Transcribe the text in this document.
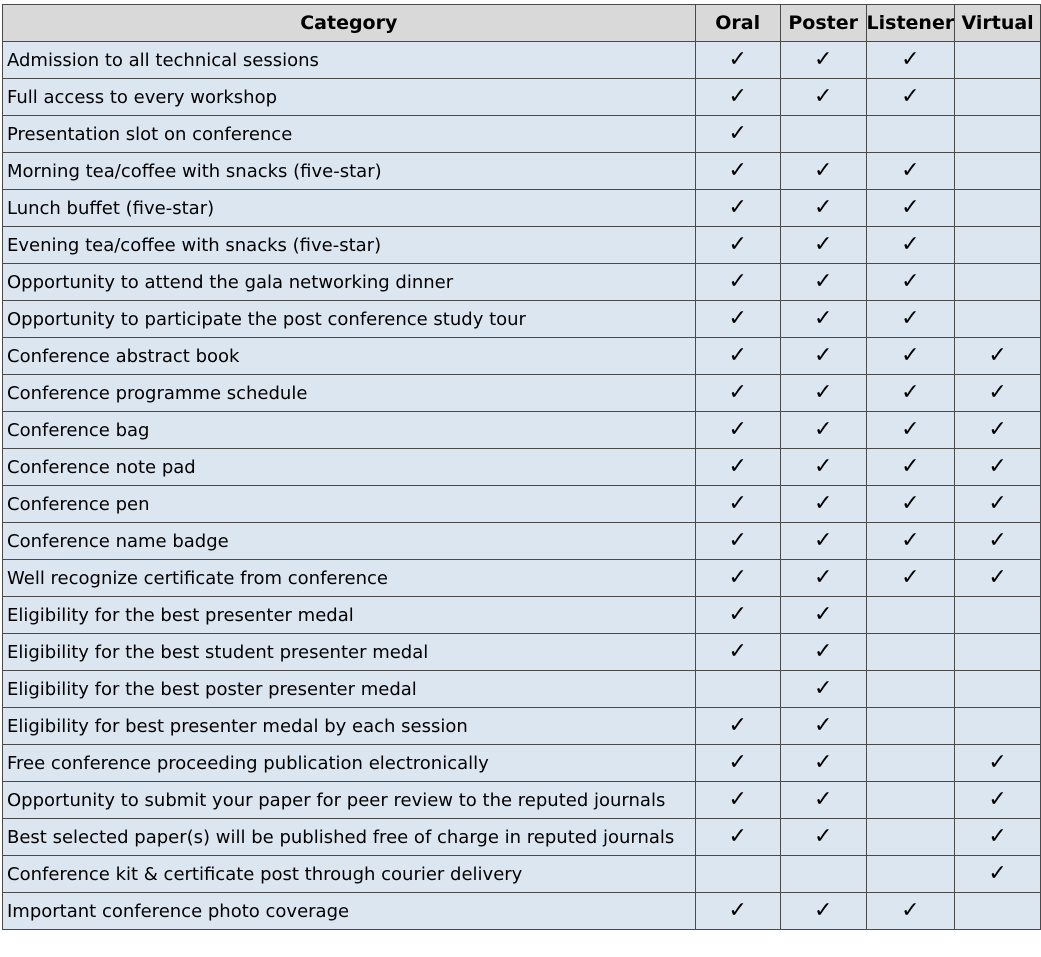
Category	Oral	Poster	Listener	Virtual
Admission to all technical sessions	✓	✓	✓	
Full access to every workshop	✓	✓	✓	
Presentation slot on conference	✓			
Morning tea/coffee with snacks (five-star)	✓	✓	✓	
Lunch buffet (five-star)	✓	✓	✓	
Evening tea/coffee with snacks (five-star)	✓	✓	✓	
Opportunity to attend the gala networking dinner	✓	✓	✓	
Opportunity to participate the post conference study tour	✓	✓	✓	
Conference abstract book	✓	✓	✓	✓
Conference programme schedule	✓	✓	✓	✓
Conference bag	✓	✓	✓	✓
Conference note pad	✓	✓	✓	✓
Conference pen	✓	✓	✓	✓
Conference name badge	✓	✓	✓	✓
Well recognize certificate from conference	✓	✓	✓	✓
Eligibility for the best presenter medal	✓	✓		
Eligibility for the best student presenter medal	✓	✓		
Eligibility for the best poster presenter medal		✓		
Eligibility for best presenter medal by each session	✓	✓		
Free conference proceeding publication electronically	✓	✓		✓
Opportunity to submit your paper for peer review to the reputed journals	✓	✓		✓
Best selected paper(s) will be published free of charge in reputed journals	✓	✓		✓
Conference kit & certificate post through courier delivery				✓
Important conference photo coverage	✓	✓	✓	
